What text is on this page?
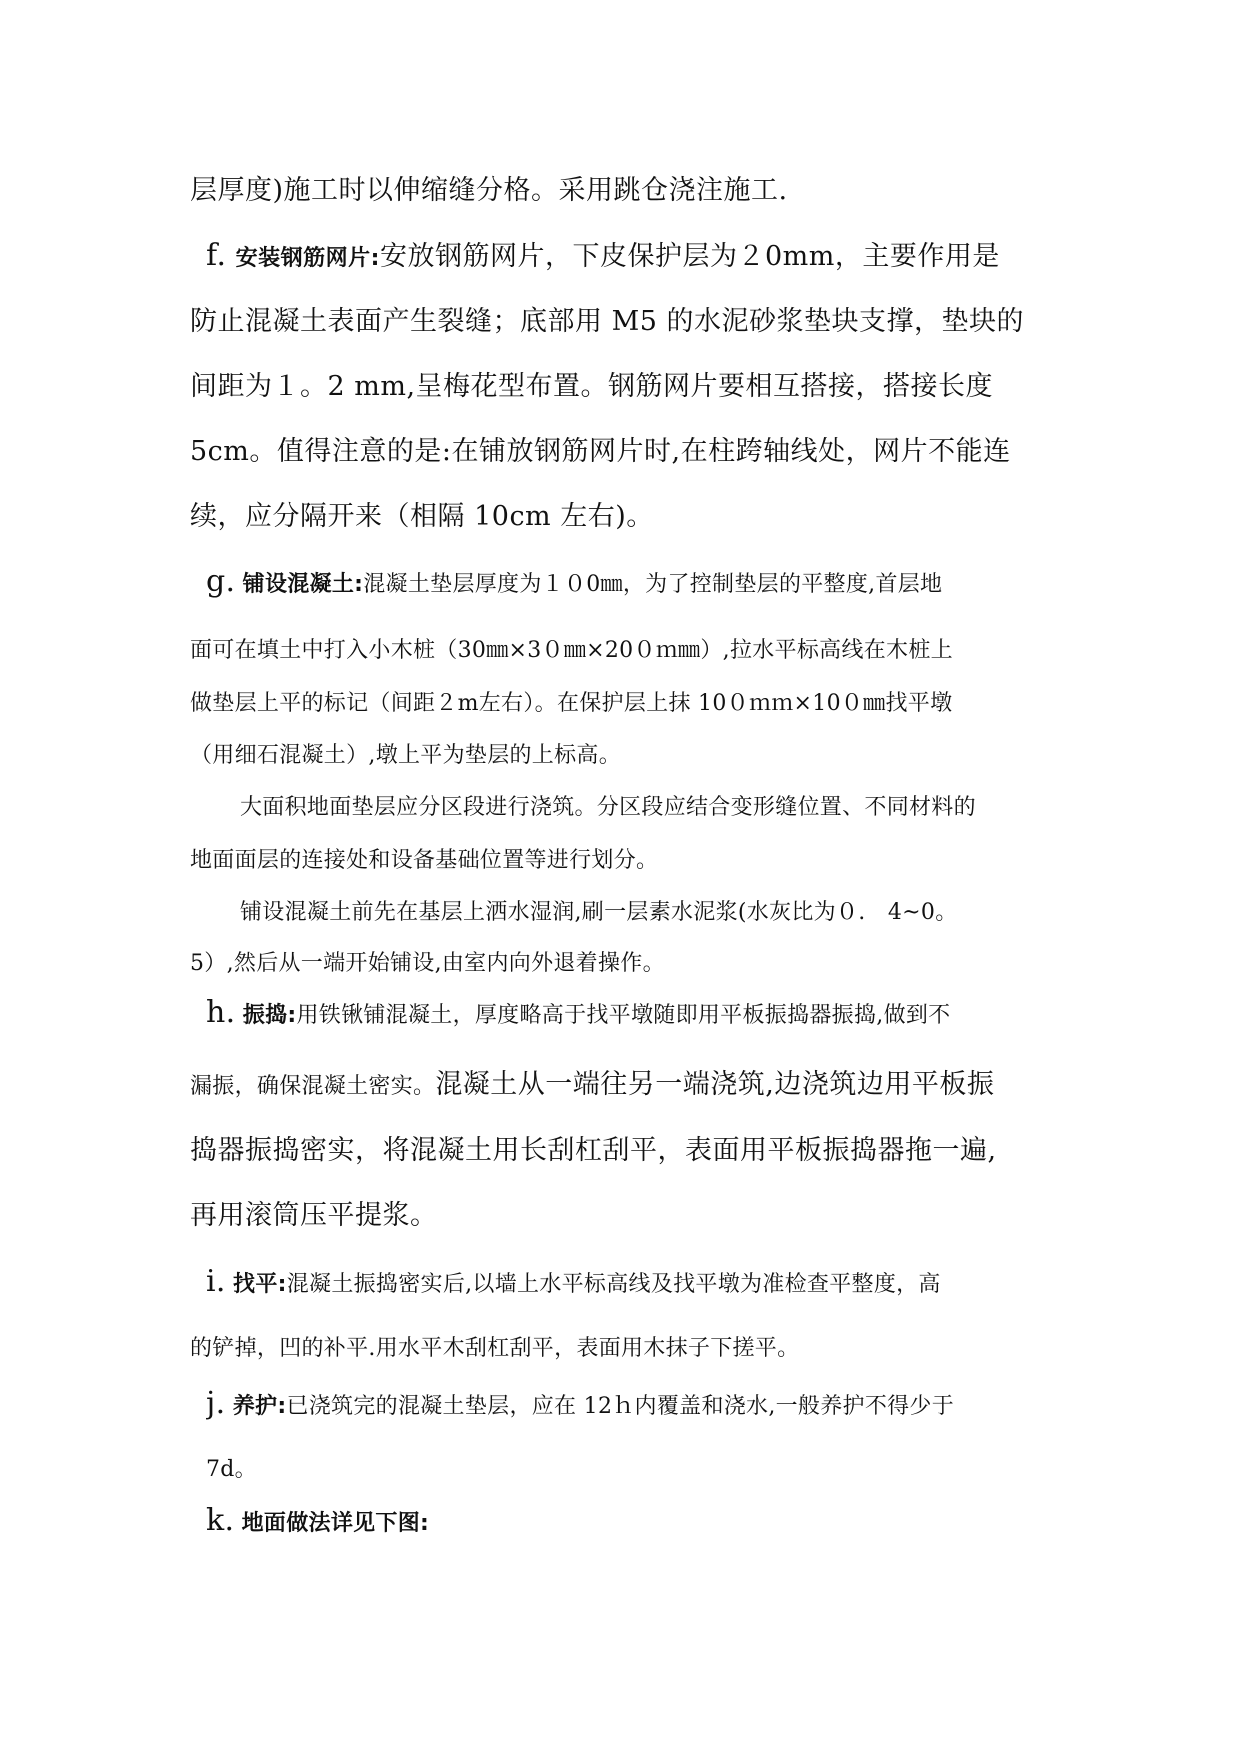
层厚度)施工时以伸缩缝分格。采用跳仓浇注施工.
f. 安装钢筋网片:安放钢筋网片，下皮保护层为２0mm，主要作用是
防止混凝土表面产生裂缝；底部用 M5 的水泥砂浆垫块支撑，垫块的
间距为１。2 mm,呈梅花型布置。钢筋网片要相互搭接，搭接长度
5cm。值得注意的是:在铺放钢筋网片时,在柱跨轴线处，网片不能连
续，应分隔开来（相隔 10cm 左右)。
g. 铺设混凝土:混凝土垫层厚度为１０0㎜，为了控制垫层的平整度,首层地
面可在填土中打入小木桩（30㎜×3０㎜×20０ｍ㎜）,拉水平标高线在木桩上
做垫层上平的标记（间距２m左右）。在保护层上抹 10０ｍｍ×10０㎜找平墩
（用细石混凝土）,墩上平为垫层的上标高。
大面积地面垫层应分区段进行浇筑。分区段应结合变形缝位置、不同材料的
地面面层的连接处和设备基础位置等进行划分。
铺设混凝土前先在基层上洒水湿润,刷一层素水泥浆(水灰比为０.　4~0。
5）,然后从一端开始铺设,由室内向外退着操作。
h. 振捣:用铁锹铺混凝土，厚度略高于找平墩随即用平板振捣器振捣,做到不
漏振，确保混凝土密实。混凝土从一端往另一端浇筑,边浇筑边用平板振
捣器振捣密实，将混凝土用长刮杠刮平，表面用平板振捣器拖一遍,
再用滚筒压平提浆。
i. 找平:混凝土振捣密实后,以墙上水平标高线及找平墩为准检查平整度，高
的铲掉，凹的补平.用水平木刮杠刮平，表面用木抹子下搓平。
j. 养护:已浇筑完的混凝土垫层，应在 12ｈ内覆盖和浇水,一般养护不得少于
7d。
k. 地面做法详见下图:
